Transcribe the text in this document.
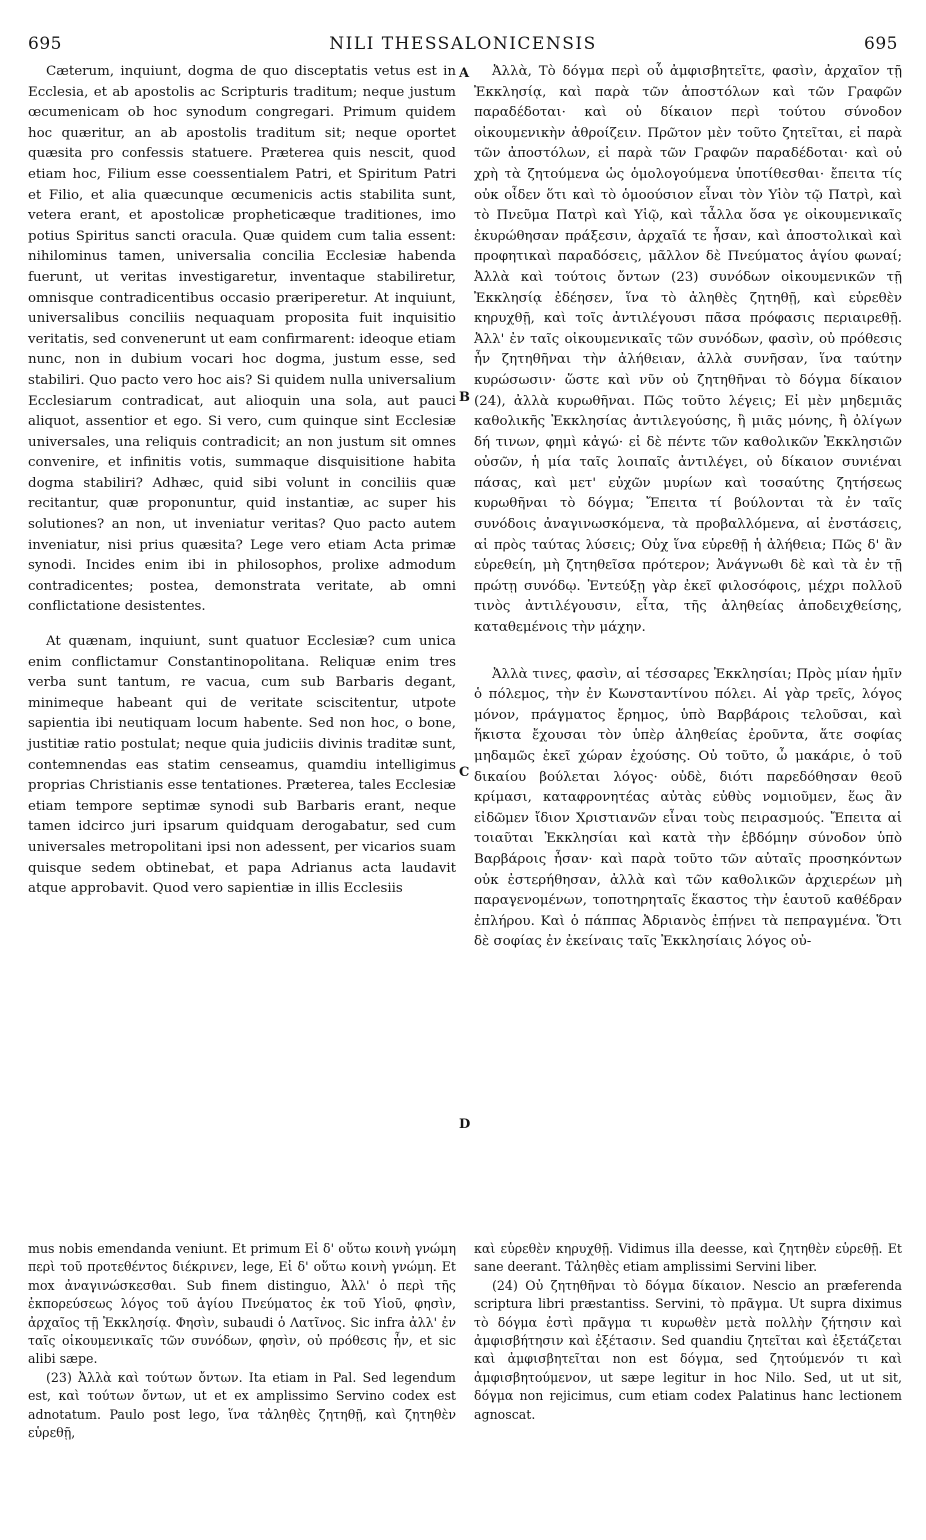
695	NILI THESSALONICENSIS	695
A
B
C
D

Cæterum, inquiunt, dogma de quo disceptatis vetus est in Ecclesia, et ab apostolis ac Scripturis traditum; neque justum œcumenicam ob hoc synodum congregari. Primum quidem hoc quæritur, an ab apostolis traditum sit; neque oportet quæsita pro confessis statuere. Præterea quis nescit, quod etiam hoc, Filium esse coessentialem Patri, et Spiritum Patri et Filio, et alia quæcunque œcumenicis actis stabilita sunt, vetera erant, et apostolicæ propheticæque traditiones, imo potius Spiritus sancti oracula. Quæ quidem cum talia essent: nihilominus tamen, universalia concilia Ecclesiæ habenda fuerunt, ut veritas investigaretur, inventaque stabiliretur, omnisque contradicentibus occasio præriperetur. At inquiunt, universalibus conciliis nequaquam proposita fuit inquisitio veritatis, sed convenerunt ut eam confirmarent: ideoque etiam nunc, non in dubium vocari hoc dogma, justum esse, sed stabiliri. Quo pacto vero hoc ais? Si quidem nulla universalium Ecclesiarum contradicat, aut alioquin una sola, aut pauci aliquot, assentior et ego. Si vero, cum quinque sint Ecclesiæ universales, una reliquis contradicit; an non justum sit omnes convenire, et infinitis votis, summaque disquisitione habita dogma stabiliri? Adhæc, quid sibi volunt in conciliis quæ recitantur, quæ proponuntur, quid instantiæ, ac super his solutiones? an non, ut inveniatur veritas? Quo pacto autem inveniatur, nisi prius quæsita? Lege vero etiam Acta primæ synodi. Incides enim ibi in philosophos, prolixe admodum contradicentes; postea, demonstrata veritate, ab omni conflictatione desistentes.

At quænam, inquiunt, sunt quatuor Ecclesiæ? cum unica enim conflictamur Constantinopolitana. Reliquæ enim tres verba sunt tantum, re vacua, cum sub Barbaris degant, minimeque habeant qui de veritate sciscitentur, utpote sapientia ibi neutiquam locum habente. Sed non hoc, o bone, justitiæ ratio postulat; neque quia judiciis divinis traditæ sunt, contemnendas eas statim censeamus, quamdiu intelligimus proprias Christianis esse tentationes. Præterea, tales Ecclesiæ etiam tempore septimæ synodi sub Barbaris erant, neque tamen idcirco juri ipsarum quidquam derogabatur, sed cum universales metropolitani ipsi non adessent, per vicarios suam quisque sedem obtinebat, et papa Adrianus acta laudavit atque approbavit. Quod vero sapientiæ in illis Ecclesiis

Ἀλλὰ, Τὸ δόγμα περὶ οὗ ἀμφισβητεῖτε, φασὶν, ἀρχαῖον τῇ Ἐκκλησίᾳ, καὶ παρὰ τῶν ἀποστόλων καὶ τῶν Γραφῶν παραδέδοται· καὶ οὐ δίκαιον περὶ τούτου σύνοδον οἰκουμενικὴν ἀθροίζειν. Πρῶτον μὲν τοῦτο ζητεῖται, εἰ παρὰ τῶν ἀποστόλων, εἰ παρὰ τῶν Γραφῶν παραδέδοται· καὶ οὐ χρὴ τὰ ζητούμενα ὡς ὁμολογούμενα ὑποτίθεσθαι· ἔπειτα τίς οὐκ οἶδεν ὅτι καὶ τὸ ὁμοούσιον εἶναι τὸν Υἱὸν τῷ Πατρὶ, καὶ τὸ Πνεῦμα Πατρὶ καὶ Υἱῷ, καὶ τἆλλα ὅσα γε οἰκουμενικαῖς ἐκυρώθησαν πράξεσιν, ἀρχαῖά τε ἦσαν, καὶ ἀποστολικαὶ καὶ προφητικαὶ παραδόσεις, μᾶλλον δὲ Πνεύματος ἁγίου φωναί; Ἀλλὰ καὶ τούτοις ὄντων (23) συνόδων οἰκουμενικῶν τῇ Ἐκκλησίᾳ ἐδέησεν, ἵνα τὸ ἀληθὲς ζητηθῇ, καὶ εὑρεθὲν κηρυχθῇ, καὶ τοῖς ἀντιλέγουσι πᾶσα πρόφασις περιαιρεθῇ. Ἀλλ' ἐν ταῖς οἰκουμενικαῖς τῶν συνόδων, φασὶν, οὐ πρόθεσις ἦν ζητηθῆναι τὴν ἀλήθειαν, ἀλλὰ συνῆσαν, ἵνα ταύτην κυρώσωσιν· ὥστε καὶ νῦν οὐ ζητηθῆναι τὸ δόγμα δίκαιον (24), ἀλλὰ κυρωθῆναι. Πῶς τοῦτο λέγεις; Εἰ μὲν μηδεμιᾶς καθολικῆς Ἐκκλησίας ἀντιλεγούσης, ἢ μιᾶς μόνης, ἢ ὀλίγων δή τινων, φημὶ κἀγώ· εἰ δὲ πέντε τῶν καθολικῶν Ἐκκλησιῶν οὐσῶν, ἡ μία ταῖς λοιπαῖς ἀντιλέγει, οὐ δίκαιον συνιέναι πάσας, καὶ μετ' εὐχῶν μυρίων καὶ τοσαύτης ζητήσεως κυρωθῆναι τὸ δόγμα; Ἔπειτα τί βούλονται τὰ ἐν ταῖς συνόδοις ἀναγινωσκόμενα, τὰ προβαλλόμενα, αἱ ἐνστάσεις, αἱ πρὸς ταύτας λύσεις; Οὐχ ἵνα εὑρεθῇ ἡ ἀλήθεια; Πῶς δ' ἂν εὑρεθείη, μὴ ζητηθεῖσα πρότερον; Ἀνάγνωθι δὲ καὶ τὰ ἐν τῇ πρώτῃ συνόδῳ. Ἐντεύξῃ γὰρ ἐκεῖ φιλοσόφοις, μέχρι πολλοῦ τινὸς ἀντιλέγουσιν, εἶτα, τῆς ἀληθείας ἀποδειχθείσης, καταθεμένοις τὴν μάχην.

Ἀλλὰ τινες, φασὶν, αἱ τέσσαρες Ἐκκλησίαι; Πρὸς μίαν ἡμῖν ὁ πόλεμος, τὴν ἐν Κωνσταντίνου πόλει. Αἱ γὰρ τρεῖς, λόγος μόνον, πράγματος ἔρημος, ὑπὸ Βαρβάροις τελοῦσαι, καὶ ἥκιστα ἔχουσαι τὸν ὑπὲρ ἀληθείας ἐροῦντα, ἅτε σοφίας μηδαμῶς ἐκεῖ χώραν ἐχούσης. Οὐ τοῦτο, ὦ μακάριε, ὁ τοῦ δικαίου βούλεται λόγος· οὐδὲ, διότι παρεδόθησαν θεοῦ κρίμασι, καταφρονητέας αὐτὰς εὐθὺς νομιοῦμεν, ἕως ἂν εἰδῶμεν ἴδιον Χριστιανῶν εἶναι τοὺς πειρασμούς. Ἔπειτα αἱ τοιαῦται Ἐκκλησίαι καὶ κατὰ τὴν ἑβδόμην σύνοδον ὑπὸ Βαρβάροις ἦσαν· καὶ παρὰ τοῦτο τῶν αὐταῖς προσηκόντων οὐκ ἐστερήθησαν, ἀλλὰ καὶ τῶν καθολικῶν ἀρχιερέων μὴ παραγενομένων, τοποτηρηταῖς ἕκαστος τὴν ἑαυτοῦ καθέδραν ἐπλήρου. Καὶ ὁ πάππας Ἀδριανὸς ἐπῄνει τὰ πεπραγμένα. Ὅτι δὲ σοφίας ἐν ἐκείναις ταῖς Ἐκκλησίαις λόγος οὐ-

mus nobis emendanda veniunt. Et primum Εἰ δ' οὕτω κοινὴ γνώμη περὶ τοῦ προτεθέντος διέκρινεν, lege, Εἰ δ' οὕτω κοινὴ γνώμη. Et mox ἀναγινώσκεσθαι. Sub finem distinguo, Ἀλλ' ὁ περὶ τῆς ἐκπορεύσεως λόγος τοῦ ἁγίου Πνεύματος ἐκ τοῦ Υἱοῦ, φησὶν, ἀρχαῖος τῇ Ἐκκλησίᾳ. Φησὶν, subaudi ὁ Λατῖνος. Sic infra ἀλλ' ἐν ταῖς οἰκουμενικαῖς τῶν συνόδων, φησὶν, οὐ πρόθεσις ἦν, et sic alibi sæpe.

(23) Ἀλλὰ καὶ τούτων ὄντων. Ita etiam in Pal. Sed legendum est, καὶ τούτων ὄντων, ut et ex amplissimo Servino codex est adnotatum. Paulo post lego, ἵνα τἀληθὲς ζητηθῇ, καὶ ζητηθὲν εὑρεθῇ,

καὶ εὑρεθὲν κηρυχθῇ. Vidimus illa deesse, καὶ ζητηθὲν εὑρεθῇ. Et sane deerant. Τἀληθὲς etiam amplissimi Servini liber.

(24) Οὐ ζητηθῆναι τὸ δόγμα δίκαιον. Nescio an præferenda scriptura libri præstantiss. Servini, τὸ πρᾶγμα. Ut supra diximus τὸ δόγμα ἐστὶ πρᾶγμα τι κυρωθὲν μετὰ πολλὴν ζήτησιν καὶ ἀμφισβήτησιν καὶ ἐξέτασιν. Sed quandiu ζητεῖται καὶ ἐξετάζεται καὶ ἀμφισβητεῖται non est δόγμα, sed ζητούμενόν τι καὶ ἀμφισβητούμενον, ut sæpe legitur in hoc Nilo. Sed, ut ut sit, δόγμα non rejicimus, cum etiam codex Palatinus hanc lectionem agnoscat.
